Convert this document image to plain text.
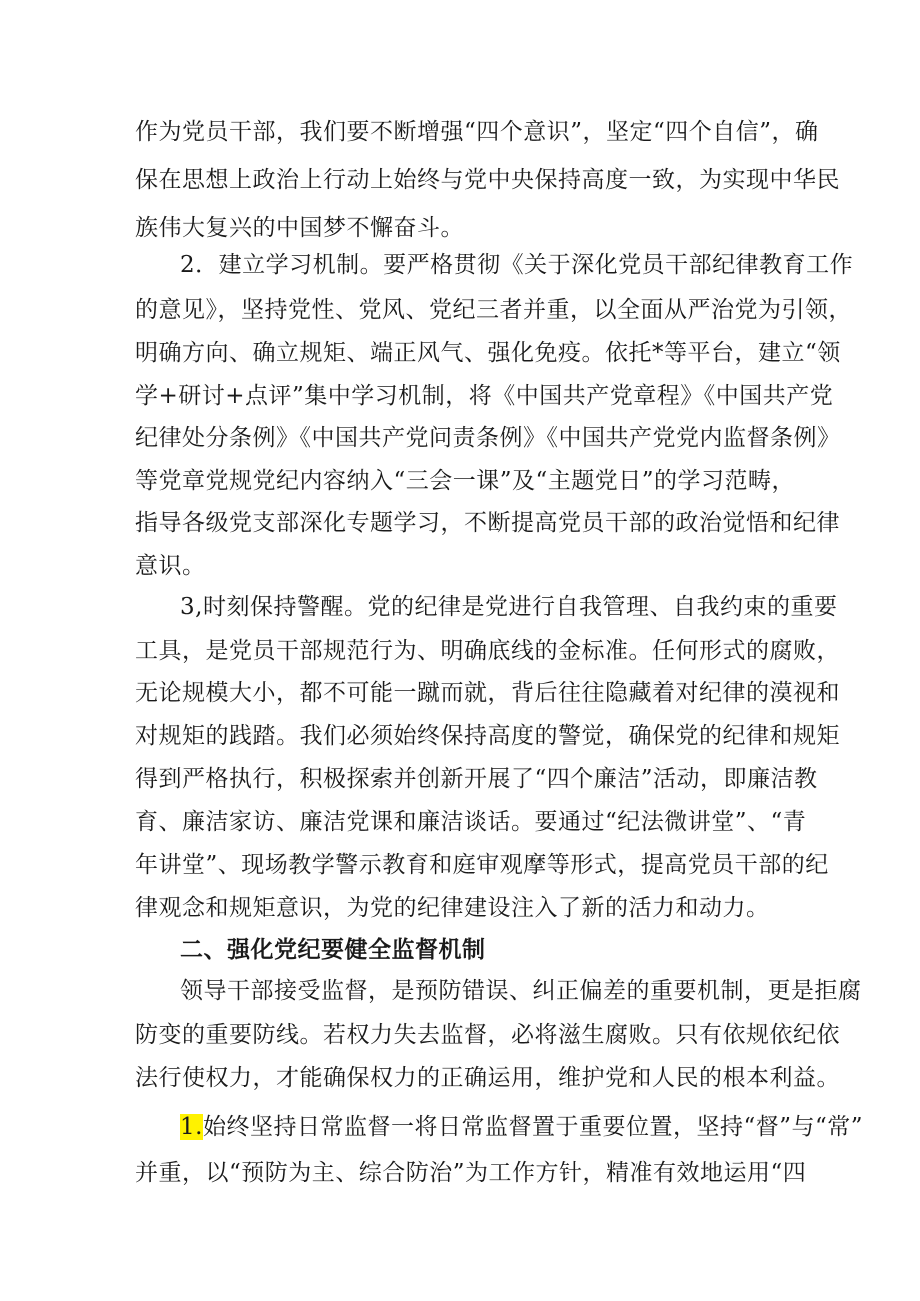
作为党员干部，我们要不断增强“四个意识”，坚定“四个自信”，确
保在思想上政治上行动上始终与党中央保持高度一致，为实现中华民
族伟大复兴的中国梦不懈奋斗。
2．建立学习机制。要严格贯彻《关于深化党员干部纪律教育工作
的意见》，坚持党性、党风、党纪三者并重，以全面从严治党为引领，
明确方向、确立规矩、端正风气、强化免疫。依托*等平台，建立“领
学+研讨+点评”集中学习机制，将《中国共产党章程》《中国共产党
纪律处分条例》《中国共产党问责条例》《中国共产党党内监督条例》
等党章党规党纪内容纳入“三会一课”及“主题党日”的学习范畴，
指导各级党支部深化专题学习，不断提高党员干部的政治觉悟和纪律
意识。
3,时刻保持警醒。党的纪律是党进行自我管理、自我约束的重要
工具，是党员干部规范行为、明确底线的金标准。任何形式的腐败，
无论规模大小，都不可能一蹴而就，背后往往隐藏着对纪律的漠视和
对规矩的践踏。我们必须始终保持高度的警觉，确保党的纪律和规矩
得到严格执行，积极探索并创新开展了“四个廉洁”活动，即廉洁教
育、廉洁家访、廉洁党课和廉洁谈话。要通过“纪法微讲堂”、“青
年讲堂”、现场教学警示教育和庭审观摩等形式，提高党员干部的纪
律观念和规矩意识，为党的纪律建设注入了新的活力和动力。
二、强化党纪要健全监督机制
领导干部接受监督，是预防错误、纠正偏差的重要机制，更是拒腐
防变的重要防线。若权力失去监督，必将滋生腐败。只有依规依纪依
法行使权力，才能确保权力的正确运用，维护党和人民的根本利益。
1.始终坚持日常监督一将日常监督置于重要位置，坚持“督”与“常”
并重，以“预防为主、综合防治”为工作方针，精准有效地运用“四
